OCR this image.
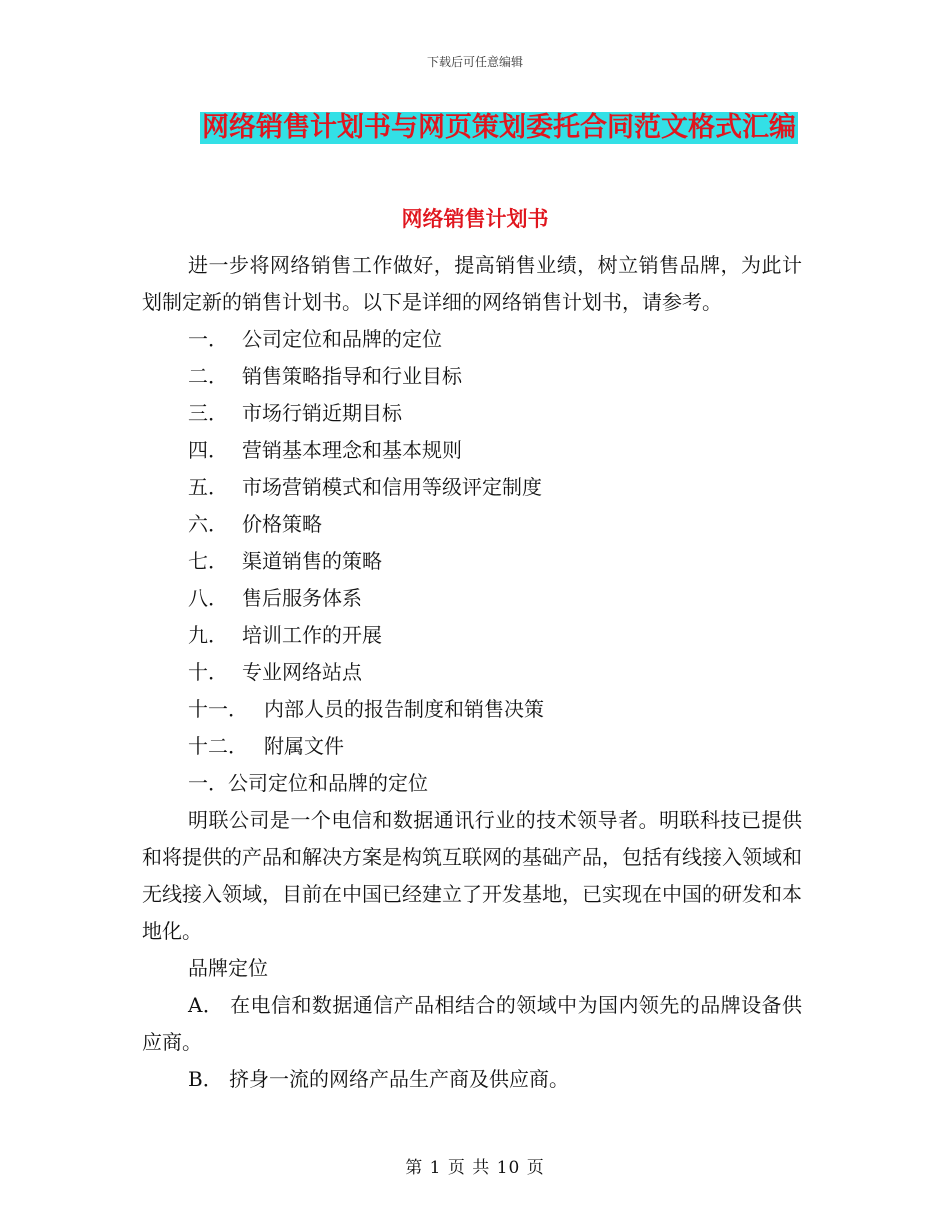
下载后可任意编辑
网络销售计划书与网页策划委托合同范文格式汇编
网络销售计划书

进一步将网络销售工作做好，提高销售业绩，树立销售品牌，为此计划制定新的销售计划书。以下是详细的网络销售计划书，请参考。

一． 公司定位和品牌的定位

二． 销售策略指导和行业目标

三． 市场行销近期目标

四． 营销基本理念和基本规则

五． 市场营销模式和信用等级评定制度

六． 价格策略

七． 渠道销售的策略

八． 售后服务体系

九． 培训工作的开展

十． 专业网络站点

十一． 内部人员的报告制度和销售决策

十二． 附属文件

一．公司定位和品牌的定位

明联公司是一个电信和数据通讯行业的技术领导者。明联科技已提供和将提供的产品和解决方案是构筑互联网的基础产品，包括有线接入领域和无线接入领域，目前在中国已经建立了开发基地，已实现在中国的研发和本地化。

品牌定位

A． 在电信和数据通信产品相结合的领域中为国内领先的品牌设备供应商。

B． 挤身一流的网络产品生产商及供应商。

第 1 页 共 10 页
